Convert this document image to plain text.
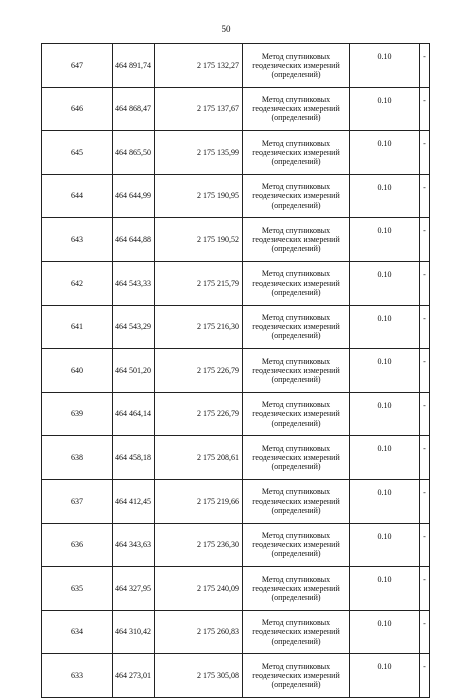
50
647	464 891,74	2 175 132,27	Метод спутниковых
геодезических измерений
(определений)	0.10	-
646	464 868,47	2 175 137,67	Метод спутниковых
геодезических измерений
(определений)	0.10	-
645	464 865,50	2 175 135,99	Метод спутниковых
геодезических измерений
(определений)	0.10	-
644	464 644,99	2 175 190,95	Метод спутниковых
геодезических измерений
(определений)	0.10	-
643	464 644,88	2 175 190,52	Метод спутниковых
геодезических измерений
(определений)	0.10	-
642	464 543,33	2 175 215,79	Метод спутниковых
геодезических измерений
(определений)	0.10	-
641	464 543,29	2 175 216,30	Метод спутниковых
геодезических измерений
(определений)	0.10	-
640	464 501,20	2 175 226,79	Метод спутниковых
геодезических измерений
(определений)	0.10	-
639	464 464,14	2 175 226,79	Метод спутниковых
геодезических измерений
(определений)	0.10	-
638	464 458,18	2 175 208,61	Метод спутниковых
геодезических измерений
(определений)	0.10	-
637	464 412,45	2 175 219,66	Метод спутниковых
геодезических измерений
(определений)	0.10	-
636	464 343,63	2 175 236,30	Метод спутниковых
геодезических измерений
(определений)	0.10	-
635	464 327,95	2 175 240,09	Метод спутниковых
геодезических измерений
(определений)	0.10	-
634	464 310,42	2 175 260,83	Метод спутниковых
геодезических измерений
(определений)	0.10	-
633	464 273,01	2 175 305,08	Метод спутниковых
геодезических измерений
(определений)	0.10	-
